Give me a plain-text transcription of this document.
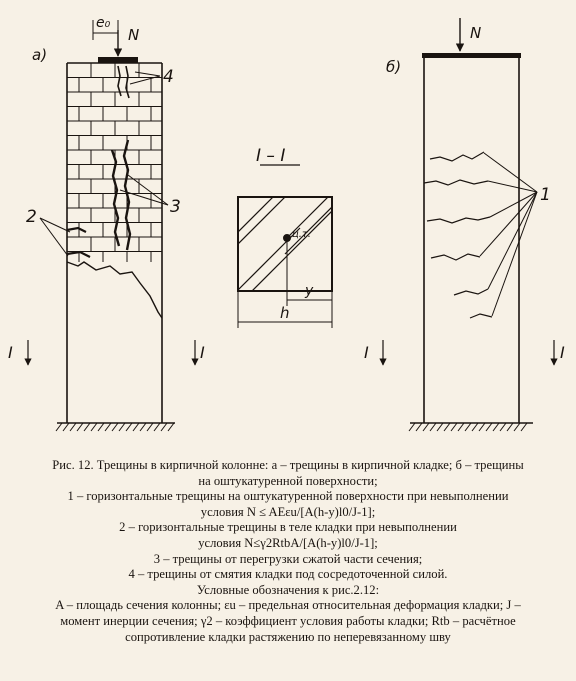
а)
N
e₀
4
3
2
I	I
I – I
ц.т.
y
h
б)
N
1
I	I
Рис. 12. Трещины в кирпичной колонне: а – трещины в кирпичной кладке; б – трещины
на оштукатуренной поверхности;
1 – горизонтальные трещины на оштукатуренной поверхности при невыполнении
условия N ≤ AEεu/[A(h-y)l0/J-1];
2 – горизонтальные трещины в теле кладки при невыполнении
условия N≤γ2RtbA/[A(h-y)l0/J-1];
3 – трещины от перегрузки сжатой части сечения;
4 – трещины от смятия кладки под сосредоточенной силой.
Условные обозначения к рис.2.12:
A – площадь сечения колонны; εu – предельная относительная деформация кладки; J –
момент инерции сечения; γ2 – коэффициент условия работы кладки; Rtb – расчётное
сопротивление кладки растяжению по неперевязанному шву
